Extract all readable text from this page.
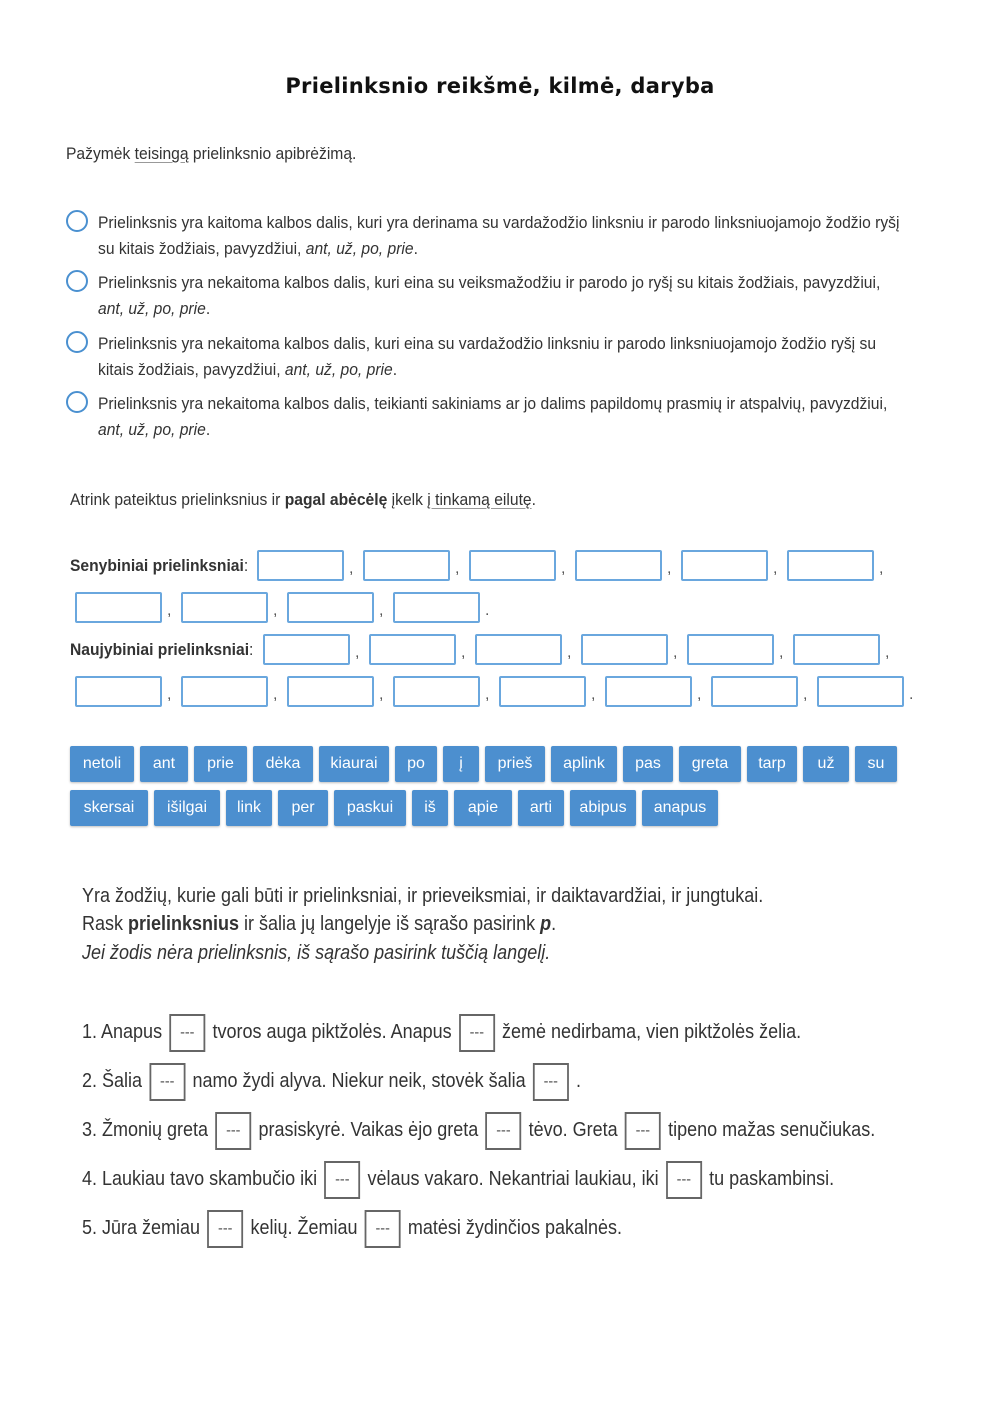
Prielinksnio reikšmė, kilmė, daryba
Pažymėk teisingą prielinksnio apibrėžimą.
Prielinksnis yra kaitoma kalbos dalis, kuri yra derinama su vardažodžio linksniu ir parodo linksniuojamojo žodžio ryšį
su kitais žodžiais, pavyzdžiui, ant, už, po, prie.
Prielinksnis yra nekaitoma kalbos dalis, kuri eina su veiksmažodžiu ir parodo jo ryšį su kitais žodžiais, pavyzdžiui,
ant, už, po, prie.
Prielinksnis yra nekaitoma kalbos dalis, kuri eina su vardažodžio linksniu ir parodo linksniuojamojo žodžio ryšį su
kitais žodžiais, pavyzdžiui, ant, už, po, prie.
Prielinksnis yra nekaitoma kalbos dalis, teikianti sakiniams ar jo dalims papildomų prasmių ir atspalvių, pavyzdžiui,
ant, už, po, prie.
Atrink pateiktus prielinksnius ir pagal abėcėlę įkelk į tinkamą eilutę.
Senybiniai prielinksniai:
Naujybiniai prielinksniai:
,	,	,	,	,	,
,	,	,	.
,	,	,	,	,	,
,	,	,	,	,	,	,	.
netoli	ant	prie	dėka	kiaurai	po	į	prieš	aplink	pas	greta	tarp	už	su
skersai	išilgai	link	per	paskui	iš	apie	arti	abipus	anapus
Yra žodžių, kurie gali būti ir prielinksniai, ir prieveiksmiai, ir daiktavardžiai, ir jungtukai.
Rask prielinksnius ir šalia jų langelyje iš sąrašo pasirink p.
Jei žodis nėra prielinksnis, iš sąrašo pasirink tuščią langelį.
1. Anapus --- tvoros auga piktžolės. Anapus --- žemė nedirbama, vien piktžolės želia.
2. Šalia --- namo žydi alyva. Niekur neik, stovėk šalia --- .
3. Žmonių greta --- prasiskyrė. Vaikas ėjo greta --- tėvo. Greta --- tipeno mažas senučiukas.
4. Laukiau tavo skambučio iki --- vėlaus vakaro. Nekantriai laukiau, iki --- tu paskambinsi.
5. Jūra žemiau --- kelių. Žemiau --- matėsi žydinčios pakalnės.
